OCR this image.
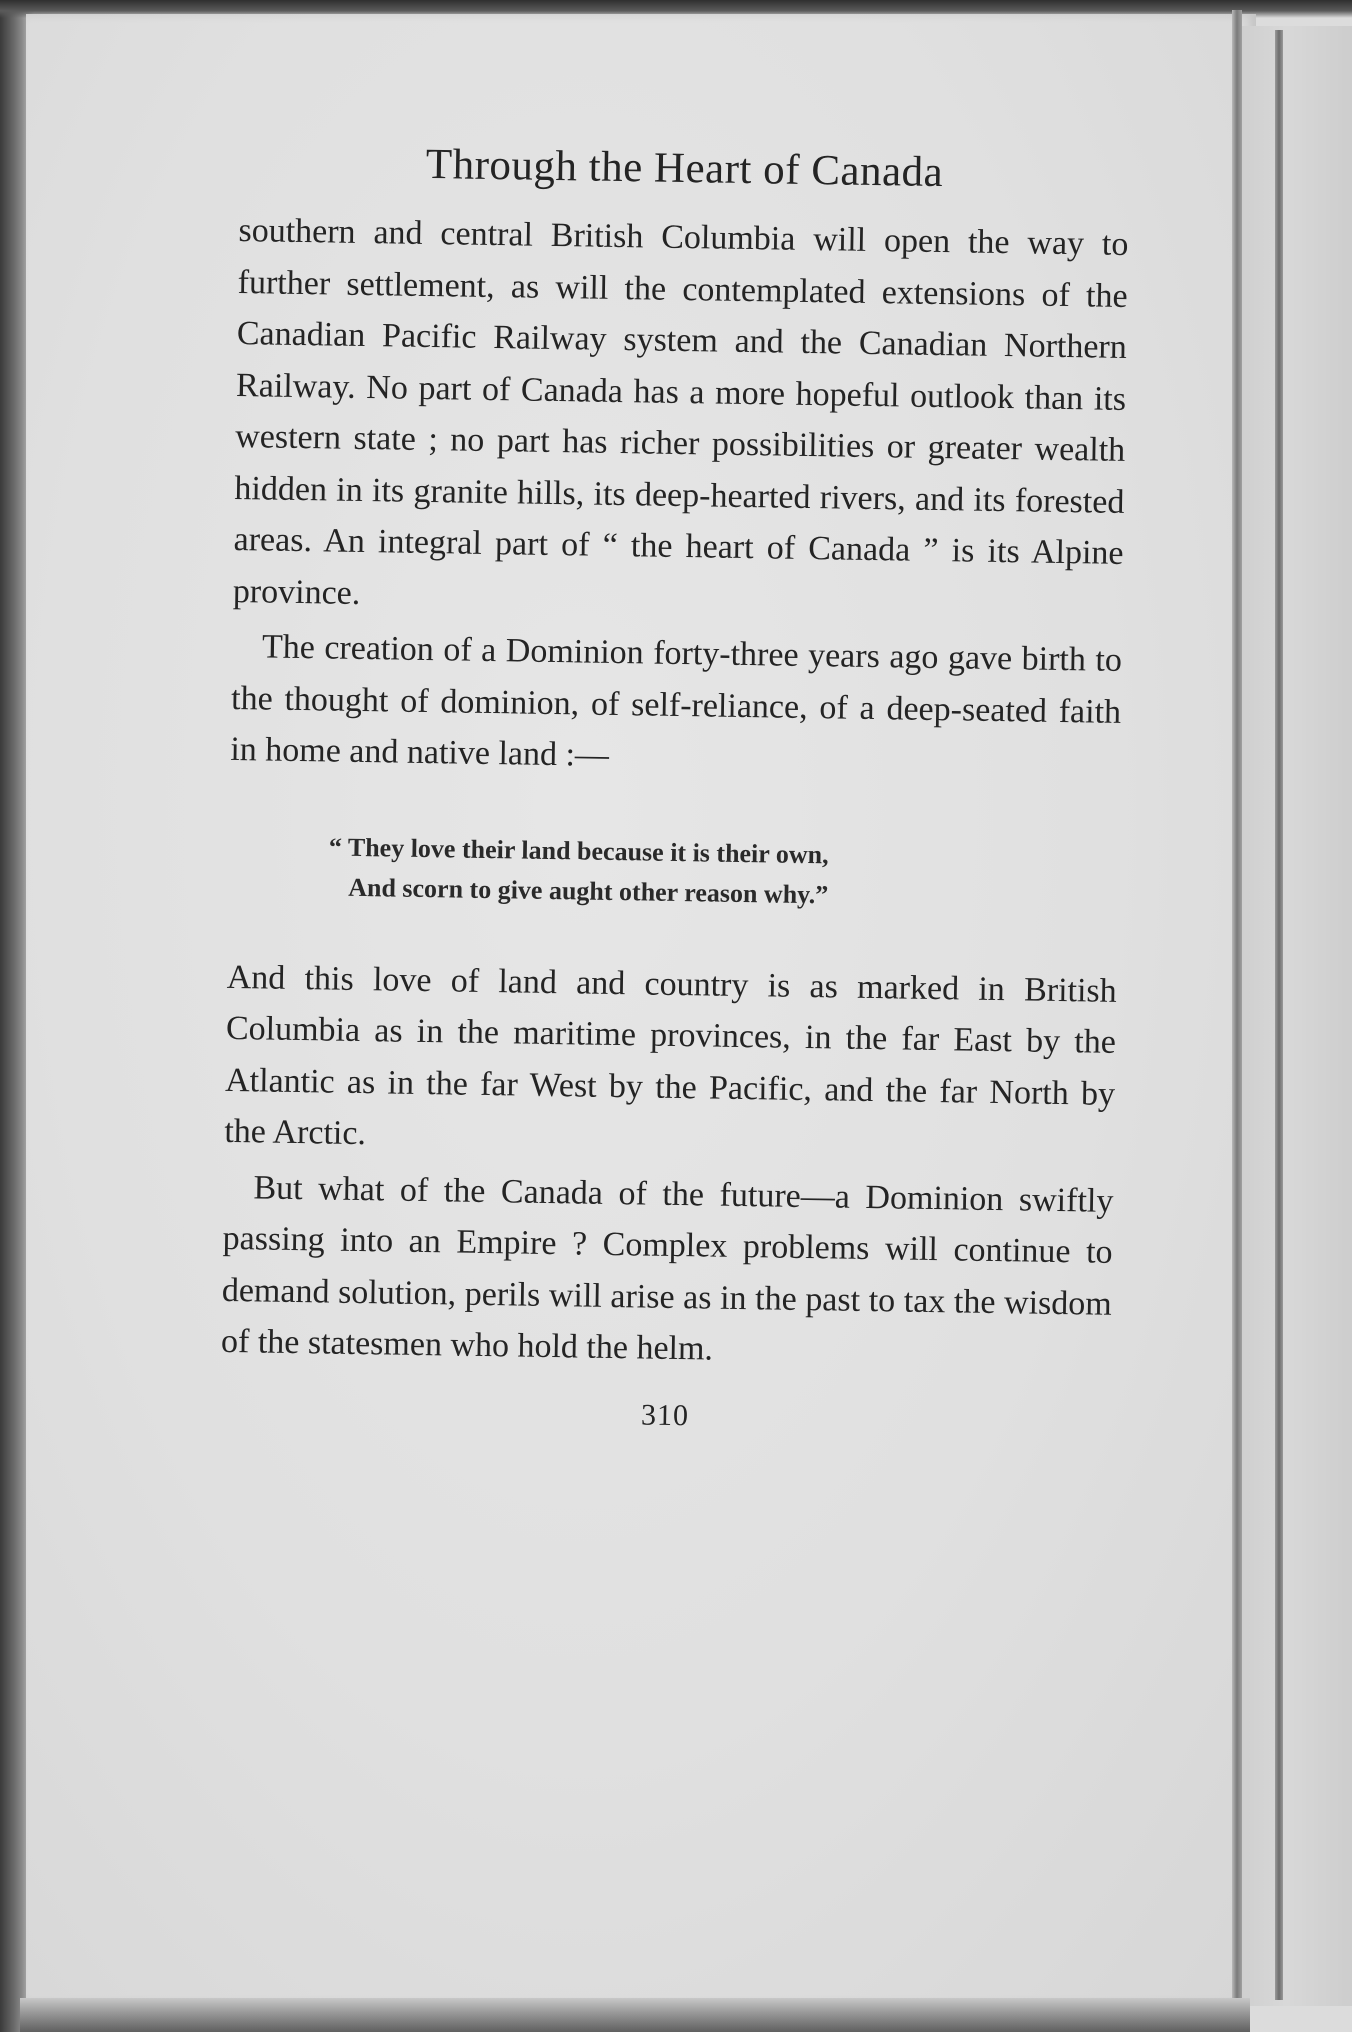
Through the Heart of Canada

southern and central British Columbia will open the way to further settlement, as will the contemplated extensions of the Canadian Pacific Railway system and the Canadian Northern Railway. No part of Canada has a more hopeful outlook than its western state ; no part has richer possibilities or greater wealth hidden in its granite hills, its deep-hearted rivers, and its forested areas. An integral part of “ the heart of Canada ” is its Alpine province.

The creation of a Dominion forty-three years ago gave birth to the thought of dominion, of self-reliance, of a deep-seated faith in home and native land :—

“ They love their land because it is their own,
And scorn to give aught other reason why.”

And this love of land and country is as marked in British Columbia as in the maritime provinces, in the far East by the Atlantic as in the far West by the Pacific, and the far North by the Arctic.

But what of the Canada of the future—a Dominion swiftly passing into an Empire ? Complex problems will continue to demand solution, perils will arise as in the past to tax the wisdom of the statesmen who hold the helm.

310
